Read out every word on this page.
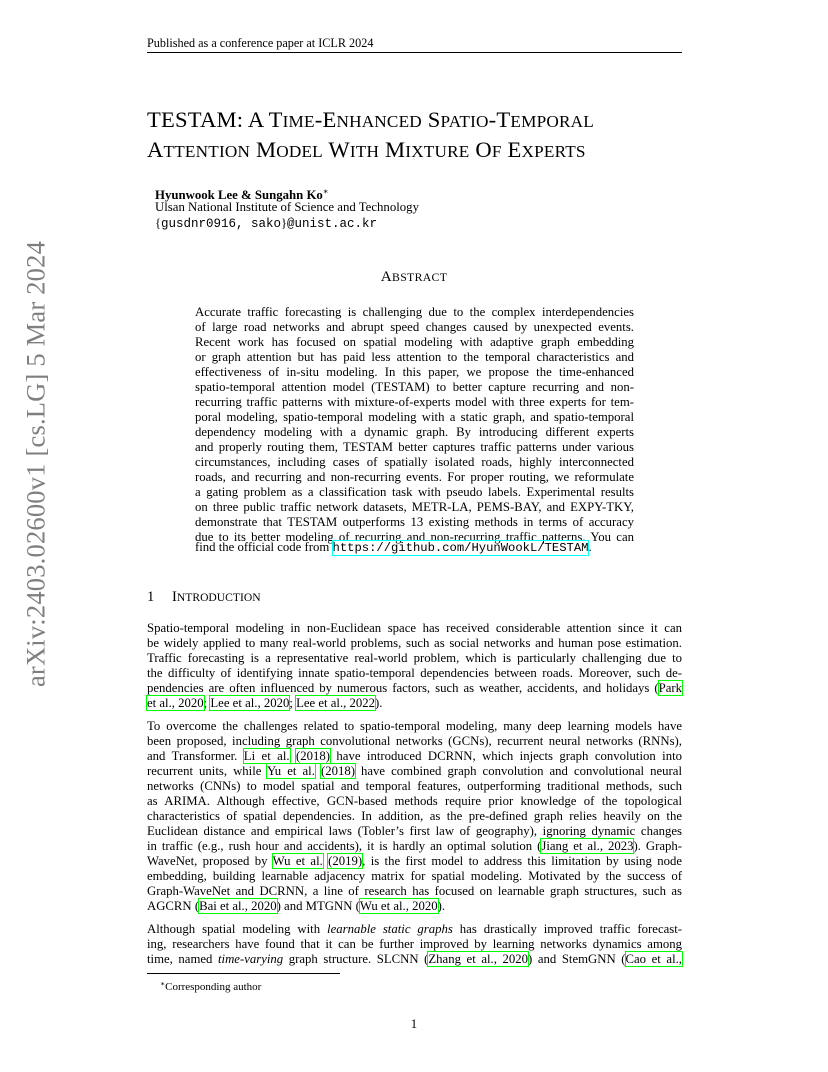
Published as a conference paper at ICLR 2024
arXiv:2403.02600v1 [cs.LG] 5 Mar 2024
TESTAM: A TIME-ENHANCED SPATIO-TEMPORAL
ATTENTION MODEL WITH MIXTURE OF EXPERTS
Hyunwook Lee & Sungahn Ko∗
Ulsan National Institute of Science and Technology
{gusdnr0916, sako}@unist.ac.kr
ABSTRACT
Accurate traffic forecasting is challenging due to the complex interdependencies
of large road networks and abrupt speed changes caused by unexpected events.
Recent work has focused on spatial modeling with adaptive graph embedding
or graph attention but has paid less attention to the temporal characteristics and
effectiveness of in-situ modeling. In this paper, we propose the time-enhanced
spatio-temporal attention model (TESTAM) to better capture recurring and non-
recurring traffic patterns with mixture-of-experts model with three experts for tem-
poral modeling, spatio-temporal modeling with a static graph, and spatio-temporal
dependency modeling with a dynamic graph. By introducing different experts
and properly routing them, TESTAM better captures traffic patterns under various
circumstances, including cases of spatially isolated roads, highly interconnected
roads, and recurring and non-recurring events. For proper routing, we reformulate
a gating problem as a classification task with pseudo labels. Experimental results
on three public traffic network datasets, METR-LA, PEMS-BAY, and EXPY-TKY,
demonstrate that TESTAM outperforms 13 existing methods in terms of accuracy
due to its better modeling of recurring and non-recurring traffic patterns. You can
find the official code from https://github.com/HyunWookL/TESTAM.
1 INTRODUCTION
Spatio-temporal modeling in non-Euclidean space has received considerable attention since it can
be widely applied to many real-world problems, such as social networks and human pose estimation.
Traffic forecasting is a representative real-world problem, which is particularly challenging due to
the difficulty of identifying innate spatio-temporal dependencies between roads. Moreover, such de-
pendencies are often influenced by numerous factors, such as weather, accidents, and holidays (Park
et al., 2020; Lee et al., 2020; Lee et al., 2022).
To overcome the challenges related to spatio-temporal modeling, many deep learning models have
been proposed, including graph convolutional networks (GCNs), recurrent neural networks (RNNs),
and Transformer. Li et al. (2018) have introduced DCRNN, which injects graph convolution into
recurrent units, while Yu et al. (2018) have combined graph convolution and convolutional neural
networks (CNNs) to model spatial and temporal features, outperforming traditional methods, such
as ARIMA. Although effective, GCN-based methods require prior knowledge of the topological
characteristics of spatial dependencies. In addition, as the pre-defined graph relies heavily on the
Euclidean distance and empirical laws (Tobler’s first law of geography), ignoring dynamic changes
in traffic (e.g., rush hour and accidents), it is hardly an optimal solution (Jiang et al., 2023). Graph-
WaveNet, proposed by Wu et al. (2019), is the first model to address this limitation by using node
embedding, building learnable adjacency matrix for spatial modeling. Motivated by the success of
Graph-WaveNet and DCRNN, a line of research has focused on learnable graph structures, such as
AGCRN (Bai et al., 2020) and MTGNN (Wu et al., 2020).
Although spatial modeling with learnable static graphs has drastically improved traffic forecast-
ing, researchers have found that it can be further improved by learning networks dynamics among
time, named time-varying graph structure. SLCNN (Zhang et al., 2020) and StemGNN (Cao et al.,
∗Corresponding author
1
